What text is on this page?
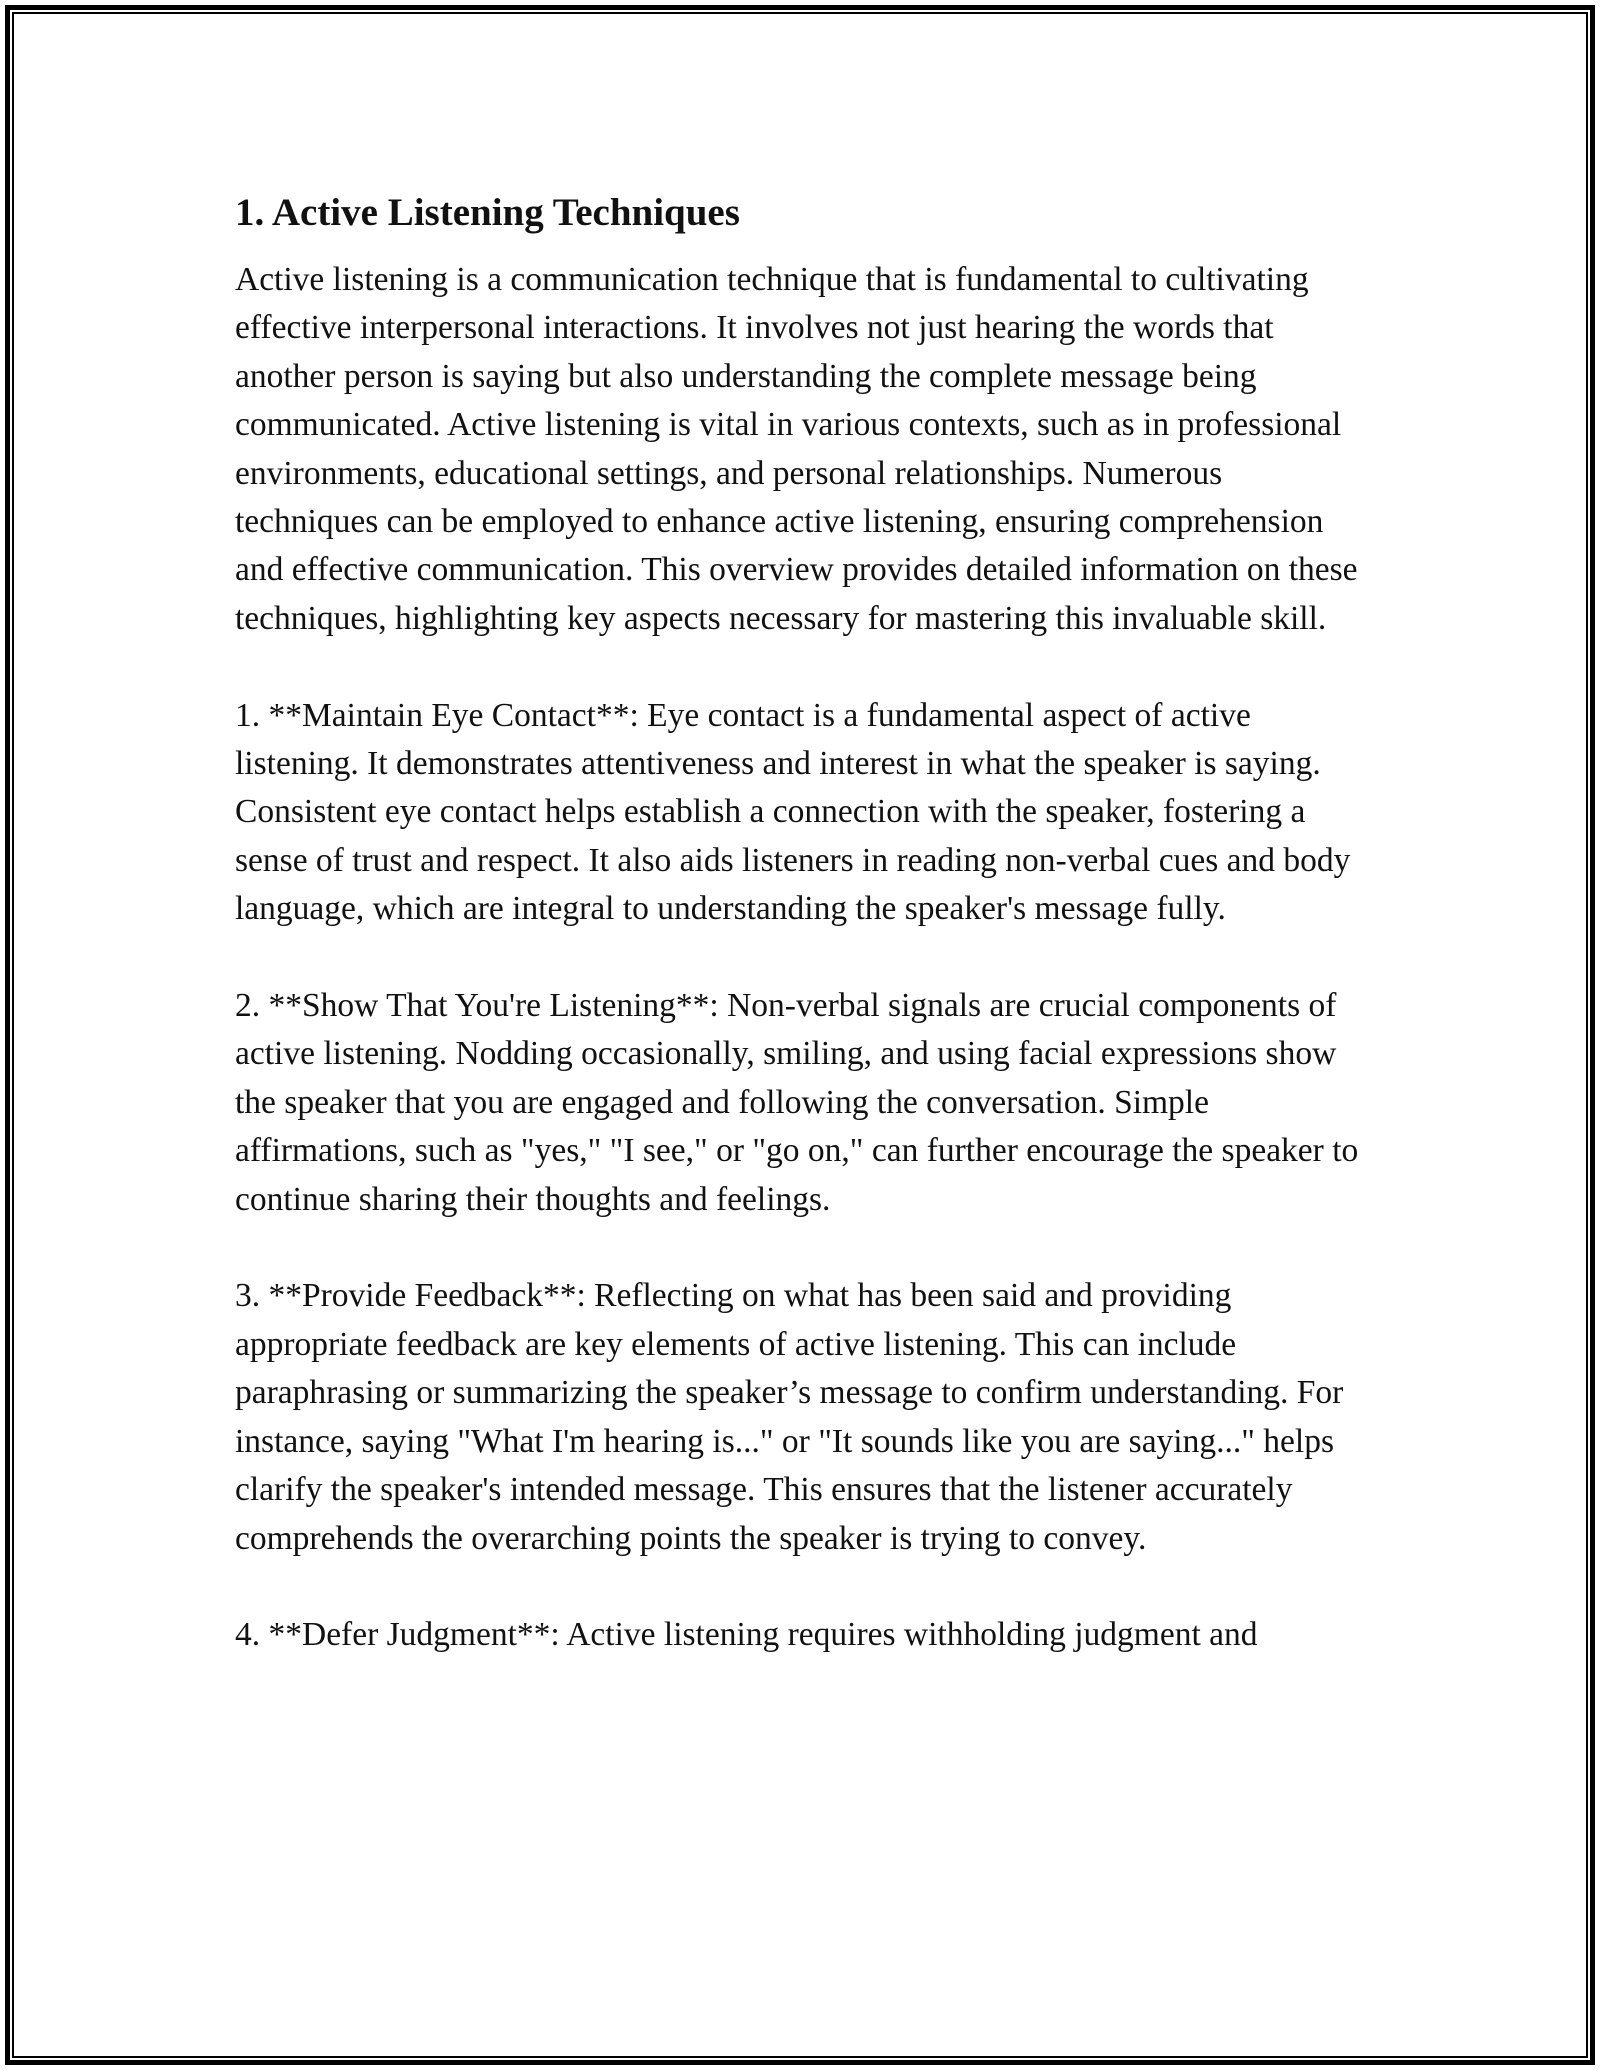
1. Active Listening Techniques

Active listening is a communication technique that is fundamental to cultivating effective interpersonal interactions. It involves not just hearing the words that another person is saying but also understanding the complete message being communicated. Active listening is vital in various contexts, such as in professional environments, educational settings, and personal relationships. Numerous techniques can be employed to enhance active listening, ensuring comprehension and effective communication. This overview provides detailed information on these techniques, highlighting key aspects necessary for mastering this invaluable skill.

1. **Maintain Eye Contact**: Eye contact is a fundamental aspect of active listening. It demonstrates attentiveness and interest in what the speaker is saying. Consistent eye contact helps establish a connection with the speaker, fostering a sense of trust and respect. It also aids listeners in reading non-verbal cues and body language, which are integral to understanding the speaker's message fully.

2. **Show That You're Listening**: Non-verbal signals are crucial components of active listening. Nodding occasionally, smiling, and using facial expressions show the speaker that you are engaged and following the conversation. Simple affirmations, such as "yes," "I see," or "go on," can further encourage the speaker to continue sharing their thoughts and feelings.

3. **Provide Feedback**: Reflecting on what has been said and providing appropriate feedback are key elements of active listening. This can include paraphrasing or summarizing the speaker’s message to confirm understanding. For instance, saying "What I'm hearing is..." or "It sounds like you are saying..." helps clarify the speaker's intended message. This ensures that the listener accurately comprehends the overarching points the speaker is trying to convey.

4. **Defer Judgment**: Active listening requires withholding judgment and
